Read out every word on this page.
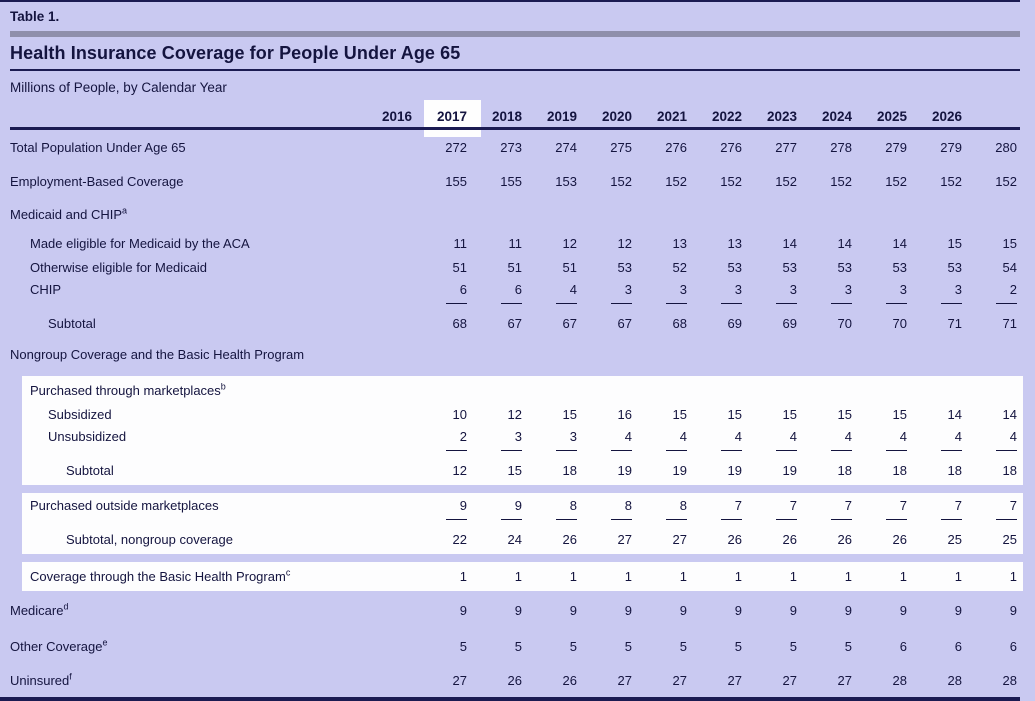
Table 1.
Health Insurance Coverage for People Under Age 65
Millions of People, by Calendar Year
2016	2017	2018	2019	2020	2021	2022	2023	2024	2025	2026
Total Population Under Age 65	272	273	274	275	276	276	277	278	279	279	280
Employment-Based Coverage	155	155	153	152	152	152	152	152	152	152	152
Medicaid and CHIP$^a$
Made eligible for Medicaid by the ACA	11	11	12	12	13	13	14	14	14	15	15
Otherwise eligible for Medicaid	51	51	51	53	52	53	53	53	53	53	54
CHIP	6	6	4	3	3	3	3	3	3	3	2
Subtotal	68	67	67	67	68	69	69	70	70	71	71
Nongroup Coverage and the Basic Health Program
Purchased through marketplaces$^b$
Subsidized	10	12	15	16	15	15	15	15	15	14	14
Unsubsidized	2	3	3	4	4	4	4	4	4	4	4
Subtotal	12	15	18	19	19	19	19	18	18	18	18
Purchased outside marketplaces	9	9	8	8	8	7	7	7	7	7	7
Subtotal, nongroup coverage	22	24	26	27	27	26	26	26	26	25	25
Coverage through the Basic Health Program$^c$	1	1	1	1	1	1	1	1	1	1	1
Medicare$^d$	9	9	9	9	9	9	9	9	9	9	9
Other Coverage$^e$	5	5	5	5	5	5	5	5	6	6	6
Uninsured$^f$	27	26	26	27	27	27	27	27	28	28	28
